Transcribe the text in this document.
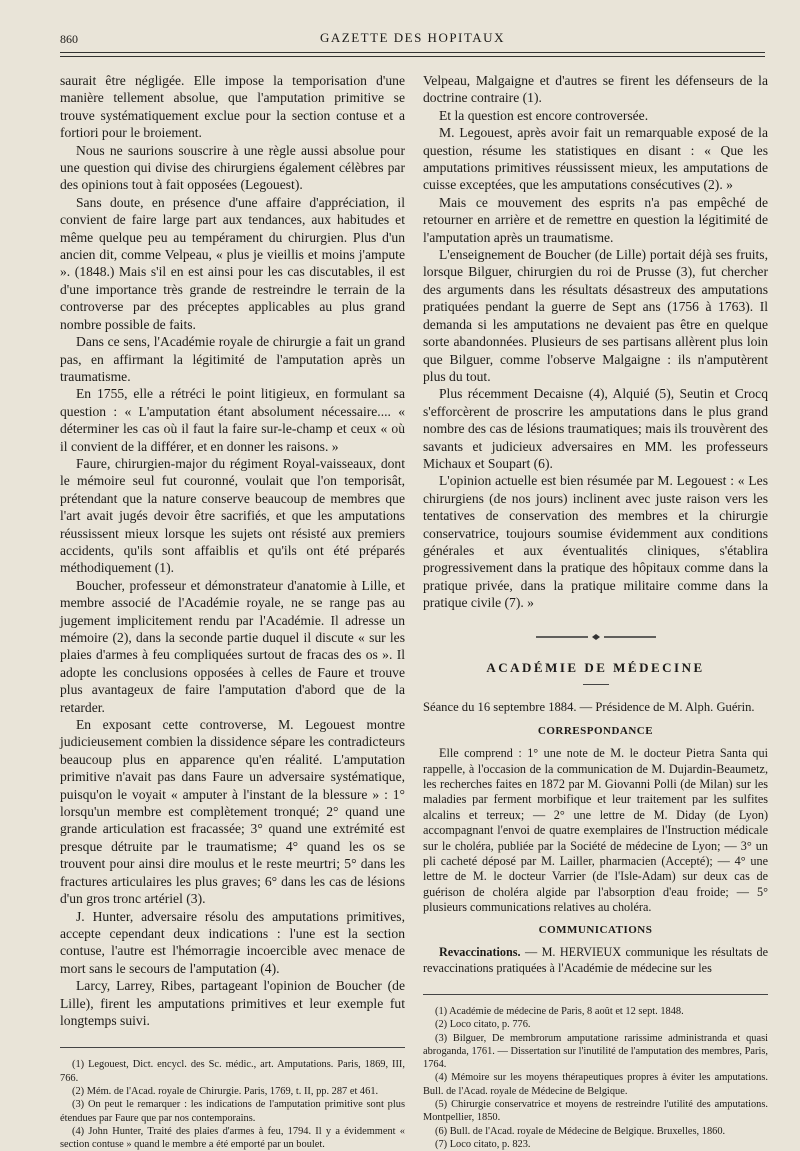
860	GAZETTE DES HOPITAUX

saurait être négligée. Elle impose la temporisation d'une manière tellement absolue, que l'amputation primitive se trouve systématiquement exclue pour la section contuse et a fortiori pour le broiement.

Nous ne saurions souscrire à une règle aussi absolue pour une question qui divise des chirurgiens également célèbres par des opinions tout à fait opposées (Legouest).

Sans doute, en présence d'une affaire d'appréciation, il convient de faire large part aux tendances, aux habitudes et même quelque peu au tempérament du chirurgien. Plus d'un ancien dit, comme Velpeau, « plus je vieillis et moins j'ampute ». (1848.) Mais s'il en est ainsi pour les cas discutables, il est d'une importance très grande de restreindre le terrain de la controverse par des préceptes applicables au plus grand nombre possible de faits.

Dans ce sens, l'Académie royale de chirurgie a fait un grand pas, en affirmant la légitimité de l'amputation après un traumatisme.

En 1755, elle a rétréci le point litigieux, en formulant sa question : « L'amputation étant absolument nécessaire.... « déterminer les cas où il faut la faire sur-le-champ et ceux « où il convient de la différer, et en donner les raisons. »

Faure, chirurgien-major du régiment Royal-vaisseaux, dont le mémoire seul fut couronné, voulait que l'on temporisât, prétendant que la nature conserve beaucoup de membres que l'art avait jugés devoir être sacrifiés, et que les amputations réussissent mieux lorsque les sujets ont résisté aux premiers accidents, qu'ils sont affaiblis et qu'ils ont été préparés méthodiquement (1).

Boucher, professeur et démonstrateur d'anatomie à Lille, et membre associé de l'Académie royale, ne se range pas au jugement implicitement rendu par l'Académie. Il adresse un mémoire (2), dans la seconde partie duquel il discute « sur les plaies d'armes à feu compliquées surtout de fracas des os ». Il adopte les conclusions opposées à celles de Faure et trouve plus avantageux de faire l'amputation d'abord que de la retarder.

En exposant cette controverse, M. Legouest montre judicieusement combien la dissidence sépare les contradicteurs beaucoup plus en apparence qu'en réalité. L'amputation primitive n'avait pas dans Faure un adversaire systématique, puisqu'on le voyait « amputer à l'instant de la blessure » : 1° lorsqu'un membre est complètement tronqué; 2° quand une grande articulation est fracassée; 3° quand une extrémité est presque détruite par le traumatisme; 4° quand les os se trouvent pour ainsi dire moulus et le reste meurtri; 5° dans les fractures articulaires les plus graves; 6° dans les cas de lésions d'un gros tronc artériel (3).

J. Hunter, adversaire résolu des amputations primitives, accepte cependant deux indications : l'une est la section contuse, l'autre est l'hémorragie incoercible avec menace de mort sans le secours de l'amputation (4).

Larcy, Larrey, Ribes, partageant l'opinion de Boucher (de Lille), firent les amputations primitives et leur exemple fut longtemps suivi.

(1) Legouest, Dict. encycl. des Sc. médic., art. Amputations. Paris, 1869, III, 766.

(2) Mém. de l'Acad. royale de Chirurgie. Paris, 1769, t. II, pp. 287 et 461.

(3) On peut le remarquer : les indications de l'amputation primitive sont plus étendues par Faure que par nos contemporains.

(4) John Hunter, Traité des plaies d'armes à feu, 1794. Il y a évidemment « section contuse » quand le membre a été emporté par un boulet.

Velpeau, Malgaigne et d'autres se firent les défenseurs de la doctrine contraire (1).

Et la question est encore controversée.

M. Legouest, après avoir fait un remarquable exposé de la question, résume les statistiques en disant : « Que les amputations primitives réussissent mieux, les amputations de cuisse exceptées, que les amputations consécutives (2). »

Mais ce mouvement des esprits n'a pas empêché de retourner en arrière et de remettre en question la légitimité de l'amputation après un traumatisme.

L'enseignement de Boucher (de Lille) portait déjà ses fruits, lorsque Bilguer, chirurgien du roi de Prusse (3), fut chercher des arguments dans les résultats désastreux des amputations pratiquées pendant la guerre de Sept ans (1756 à 1763). Il demanda si les amputations ne devaient pas être en quelque sorte abandonnées. Plusieurs de ses partisans allèrent plus loin que Bilguer, comme l'observe Malgaigne : ils n'amputèrent plus du tout.

Plus récemment Decaisne (4), Alquié (5), Seutin et Crocq s'efforcèrent de proscrire les amputations dans le plus grand nombre des cas de lésions traumatiques; mais ils trouvèrent des savants et judicieux adversaires en MM. les professeurs Michaux et Soupart (6).

L'opinion actuelle est bien résumée par M. Legouest : « Les chirurgiens (de nos jours) inclinent avec juste raison vers les tentatives de conservation des membres et la chirurgie conservatrice, toujours soumise évidemment aux conditions générales et aux éventualités cliniques, s'établira progressivement dans la pratique des hôpitaux comme dans la pratique privée, dans la pratique militaire comme dans la pratique civile (7). »

ACADÉMIE DE MÉDECINE

Séance du 16 septembre 1884. — Présidence de M. Alph. Guérin.

CORRESPONDANCE

Elle comprend : 1° une note de M. le docteur Pietra Santa qui rappelle, à l'occasion de la communication de M. Dujardin-Beaumetz, les recherches faites en 1872 par M. Giovanni Polli (de Milan) sur les maladies par ferment morbifique et leur traitement par les sulfites alcalins et terreux; — 2° une lettre de M. Diday (de Lyon) accompagnant l'envoi de quatre exemplaires de l'Instruction médicale sur le choléra, publiée par la Société de médecine de Lyon; — 3° un pli cacheté déposé par M. Lailler, pharmacien (Accepté); — 4° une lettre de M. le docteur Varrier (de l'Isle-Adam) sur deux cas de guérison de choléra algide par l'absorption d'eau froide; — 5° plusieurs communications relatives au choléra.

COMMUNICATIONS

Revaccinations. — M. HERVIEUX communique les résultats de revaccinations pratiquées à l'Académie de médecine sur les

(1) Académie de médecine de Paris, 8 août et 12 sept. 1848.

(2) Loco citato, p. 776.

(3) Bilguer, De membrorum amputatione rarissime administranda et quasi abroganda, 1761. — Dissertation sur l'inutilité de l'amputation des membres, Paris, 1764.

(4) Mémoire sur les moyens thérapeutiques propres à éviter les amputations. Bull. de l'Acad. royale de Médecine de Belgique.

(5) Chirurgie conservatrice et moyens de restreindre l'utilité des amputations. Montpellier, 1850.

(6) Bull. de l'Acad. royale de Médecine de Belgique. Bruxelles, 1860.

(7) Loco citato, p. 823.
